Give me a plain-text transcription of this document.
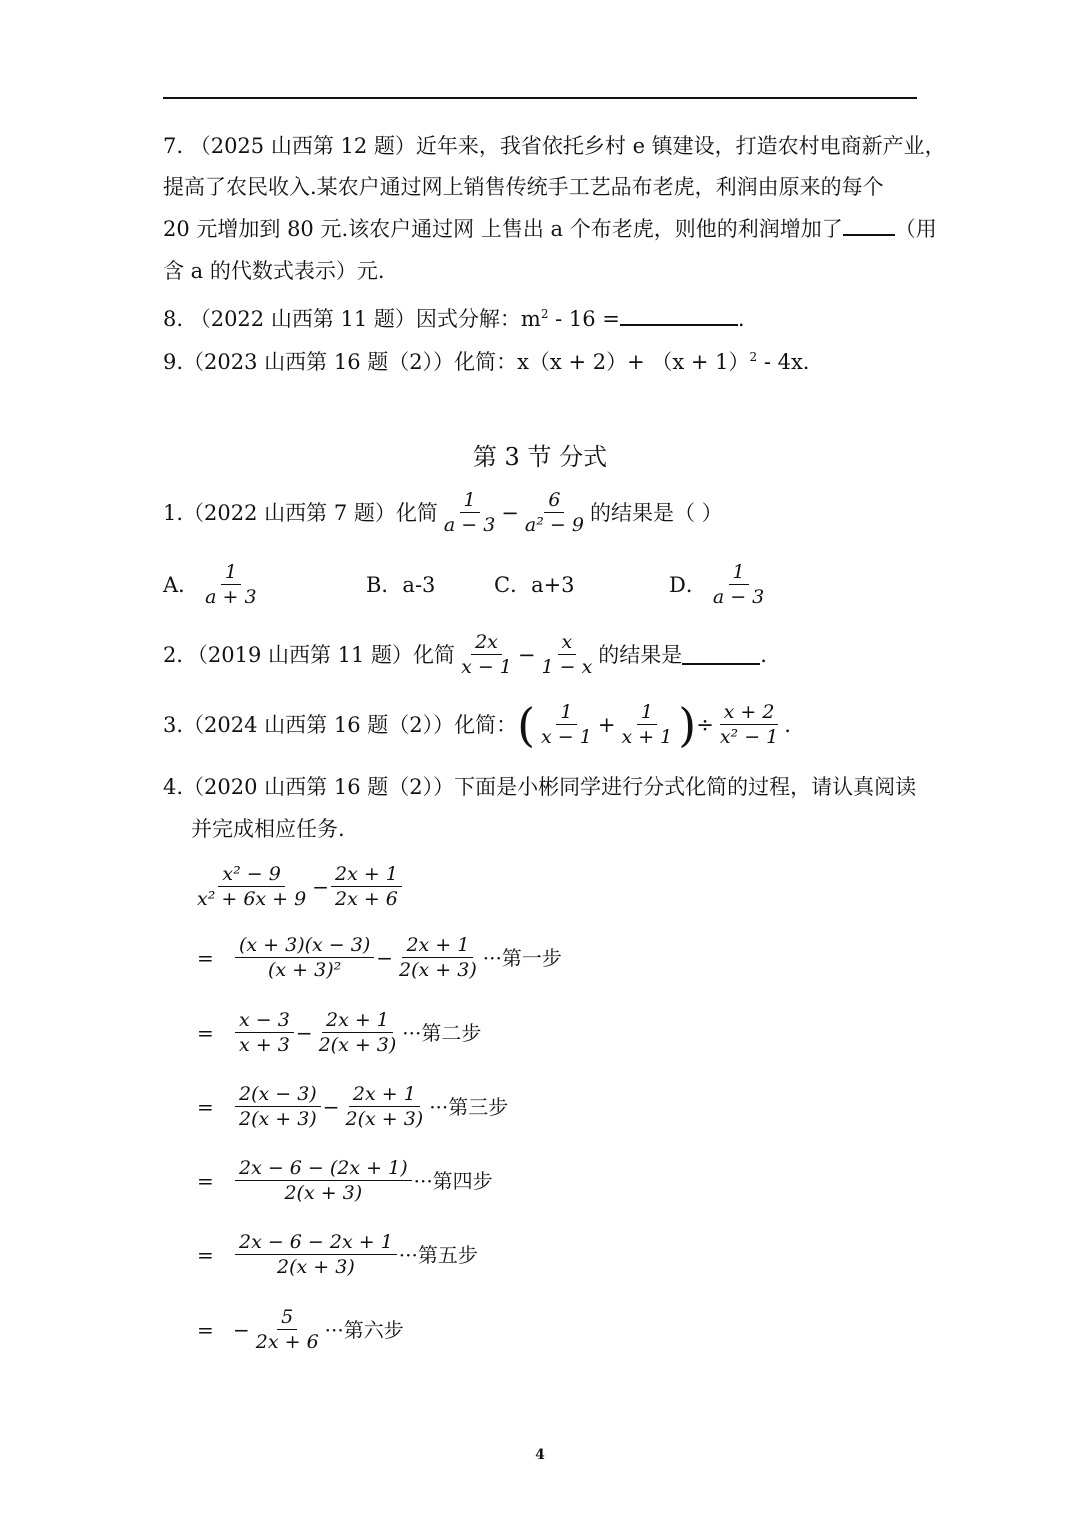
7. （2025 山西第 12 题）近年来，我省依托乡村 e 镇建设，打造农村电商新产业，
提高了农民收入.某农户通过网上销售传统手工艺品布老虎，利润由原来的每个
20 元增加到 80 元.该农户通过网 上售出 a 个布老虎，则他的利润增加了 （用
含 a 的代数式表示）元.
8. （2022 山西第 11 题）因式分解：$m^2 - 16$ =	.
9.（2023 山西第 16 题（2））化简：$x(x + 2)+ (x + 1)^2 - 4x$.
第 3 节 分式
1.（2022 山西第 7 题）化简 $\frac{1}{a - 3} - \frac{6}{\text{a² − 9}}$ 的结果是（ ）
A． $\frac{1}{a + 3}$	B．a-3	C．a+3	D． $\frac{1}{a - 3}$
2．（2019 山西第 11 题）化简 $\frac{2x}{x - 1} - \frac{x}{1 - x}$ 的结果是	.
3.（2024 山西第 16 题（2））化简： ( $\frac{1}{x - 1} + \frac{1}{x + 1}$ ) ÷ $\frac{x + 2}{\text{x² − 1}}$ .
4.（2020 山西第 16 题（2））下面是小彬同学进行分式化简的过程，请认真阅读
并完成相应任务.
$\frac{\text{x² − 9}}{\text{x² + 6x + 9}} - \frac{2x + 1}{2x + 6}$
=	$\frac{(x + 3)(x - 3)}{\text{(x + 3)²}} - \frac{2x + 1}{2(x + 3)}$ ···第一步
=	$\frac{x - 3}{x + 3} - \frac{2x + 1}{2(x + 3)}$ ···第二步
=	$\frac{2(x - 3)}{2(x + 3)} - \frac{2x + 1}{2(x + 3)}$ ···第三步
=	$\frac{2x - 6 - (2x + 1)}{2(x + 3)}$ ···第四步
=	$\frac{2x - 6 - 2x + 1}{2(x + 3)}$ ···第五步
= − $\frac{5}{2x + 6}$ ···第六步
4
